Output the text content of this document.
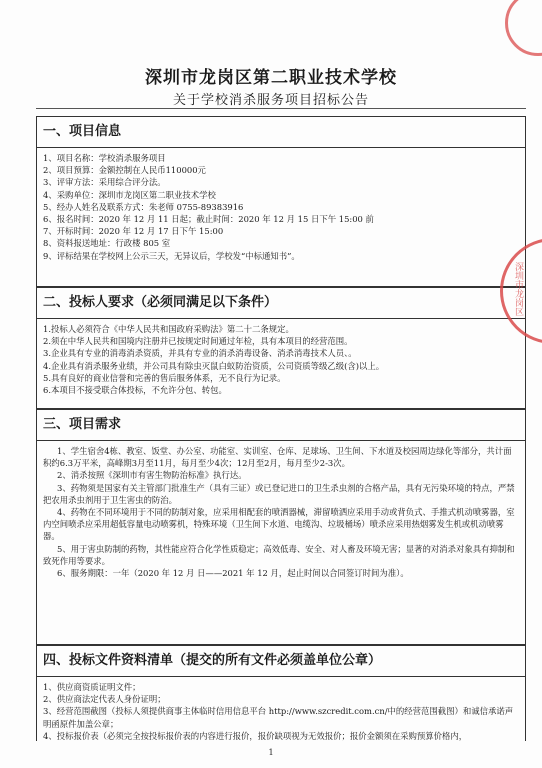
深圳市龙岗区第二职业技术学校
关于学校消杀服务项目招标公告
一、项目信息

1、项目名称：学校消杀服务项目

2、项目预算：金额控制在人民币110000元

3、评审方法：采用综合评分法。

4、采购单位：深圳市龙岗区第二职业技术学校

5、经办人姓名及联系方式：朱老师 0755-89383916

6、报名时间：2020 年 12 月 11 日起；截止时间：2020 年 12 月 15 日下午 15:00 前

7、开标时间：2020 年 12 月 17 日下午 15:00

8、资料报送地址：行政楼 805 室

9、评标结果在学校网上公示三天，无异议后，学校发“中标通知书”。

二、投标人要求（必须同满足以下条件）

1.投标人必须符合《中华人民共和国政府采购法》第二十二条规定。

2.须在中华人民共和国境内注册并已按规定时间通过年检，具有本项目的经营范围。

3.企业具有专业的消毒消杀资质，并具有专业的消杀消毒设备、消杀消毒技术人员、。

4.企业具有消杀服务业绩，并公司具有除虫灭鼠白蚁防治资质，公司资质等级乙级(含)以上。

5.具有良好的商业信誉和完善的售后服务体系，无不良行为记录。

6.本项目不接受联合体投标，不允许分包、转包。

三、项目需求

1、学生宿舍4栋、教室、饭堂、办公室、功能室、实训室、仓库、足球场、卫生间、下水道及校园周边绿化等部分，共计面积约6.3万平米，高峰期3月至11月，每月至少4次；12月至2月，每月至少2-3次。

2、消杀按照《深圳市有害生物防治标准》执行达。

3、药物须是国家有关主管部门批准生产（具有三证）或已登记进口的卫生杀虫剂的合格产品，具有无污染环境的特点，严禁把农用杀虫剂用于卫生害虫的防治。

4、药物在不同环境用于不同的防制对象，应采用相配套的喷洒器械，滞留喷洒应采用手动或背负式、手推式机动喷雾器，室内空间喷杀应采用超低容量电动喷雾机，特殊环境（卫生间下水道、电缆沟、垃圾桶场）喷杀应采用热烟雾发生机或机动喷雾器。

5、用于害虫防制的药物，其性能应符合化学性质稳定；高效低毒、安全、对人畜及环境无害；显著的对消杀对象具有抑制和致死作用等要求。

6、服务期限：一年（2020 年 12 月 日——2021 年 12 月，起止时间以合同签订时间为准）。

四、投标文件资料清单（提交的所有文件必须盖单位公章）

1、供应商资质证明文件；

2、供应商法定代表人身份证明；

3、经营范围截图（投标人须提供商事主体临时信用信息平台 http://www.szcredit.com.cn/中的经营范围截图）和诚信承诺声明函原件加盖公章；

4、投标报价表（必须完全按投标报价表的内容进行报价，报价缺项视为无效报价；报价金额须在采购预算价格内，

深圳市龙岗区
1
